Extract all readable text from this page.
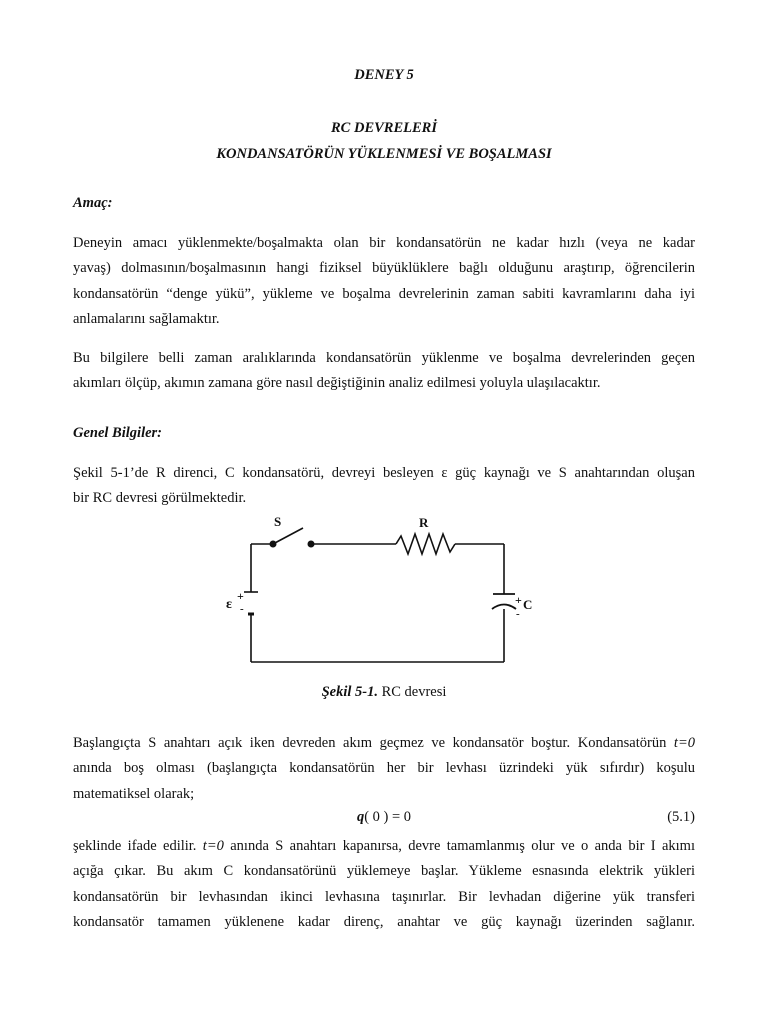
DENEY 5
RC DEVRELERİ
KONDANSATÖRÜN YÜKLENMESİ VE BOŞALMASI
Amaç:
Deneyin amacı yüklenmekte/boşalmakta olan bir kondansatörün ne kadar hızlı (veya ne kadar
yavaş) dolmasının/boşalmasının hangi fiziksel büyüklüklere bağlı olduğunu araştırıp, öğrencilerin
kondansatörün “denge yükü”, yükleme ve boşalma devrelerinin zaman sabiti kavramlarını daha iyi
anlamalarını sağlamaktır.
Bu bilgilere belli zaman aralıklarında kondansatörün yüklenme ve boşalma devrelerinden geçen
akımları ölçüp, akımın zamana göre nasıl değiştiğinin analiz edilmesi yoluyla ulaşılacaktır.
Genel Bilgiler:
Şekil 5-1’de R direnci, C kondansatörü, devreyi besleyen ε güç kaynağı ve S anahtarından oluşan
bir RC devresi görülmektedir.
S	R
ε
+
-
+
-
C
Şekil 5-1. RC devresi
Başlangıçta S anahtarı açık iken devreden akım geçmez ve kondansatör boştur. Kondansatörün t=0
anında boş olması (başlangıçta kondansatörün her bir levhası üzrindeki yük sıfırdır) koşulu
matematiksel olarak;
q( 0 ) = 0	(5.1)
şeklinde ifade edilir. t=0 anında S anahtarı kapanırsa, devre tamamlanmış olur ve o anda bir I akımı
açığa çıkar. Bu akım C kondansatörünü yüklemeye başlar. Yükleme esnasında elektrik yükleri
kondansatörün bir levhasından ikinci levhasına taşınırlar. Bir levhadan diğerine yük transferi
kondansatör tamamen yüklenene kadar direnç, anahtar ve güç kaynağı üzerinden sağlanır.
